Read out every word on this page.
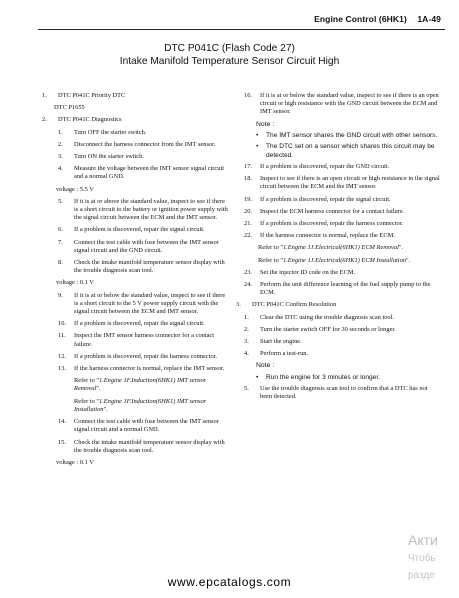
Engine Control (6HK1) 1A-49
DTC P041C (Flash Code 27)
Intake Manifold Temperature Sensor Circuit High
1.	DTC P041C Priority DTC
DTC P1655
2.	DTC P041C Diagnostics
1.	Turn OFF the starter switch.
2.	Disconnect the harness connector from the IMT sensor.
3.	Turn ON the starter switch.
4.	Measure the voltage between the IMT sensor signal circuit and a normal GND.
voltage : 5.5 V
5.	If it is at or above the standard value, inspect to see if there is a short circuit to the battery or ignition power supply with the signal circuit between the ECM and the IMT sensor.
6.	If a problem is discovered, repair the signal circuit.
7.	Connect the test cable with fuse between the IMT sensor signal circuit and the GND circuit.
8.	Check the intake manifold temperature sensor display with the trouble diagnosis scan tool.
voltage : 0.1 V
9.	If it is at or below the standard value, inspect to see if there is a short circuit to the 5 V power supply circuit with the signal circuit between the ECM and IMT sensor.
10.	If a problem is discovered, repair the signal circuit.
11.	Inspect the IMT sensor harness connector for a contact failure.
12.	If a problem is discovered, repair the harness connector.
13.	If the harness connector is normal, replace the IMT sensor.
Refer to "1.Engine 1F.Induction(6HK1) IMT sensor Removal".
Refer to "1.Engine 1F.Induction(6HK1) IMT sensor Installation".
14.	Connect the test cable with fuse between the IMT sensor signal circuit and a normal GND.
15.	Check the intake manifold temperature sensor display with the trouble diagnosis scan tool.
voltage : 0.1 V
16.	If it is at or below the standard value, inspect to see if there is an open circuit or high resistance with the GND circuit between the ECM and IMT sensor.
Note :
•	The IMT sensor shares the GND circuit with other sensors.
•	The DTC set on a sensor which shares this circuit may be detected.
17.	If a problem is discovered, repair the GND circuit.
18.	Inspect to see if there is an open circuit or high resistance in the signal circuit between the ECM and the IMT sensor.
19.	If a problem is discovered, repair the signal circuit.
20.	Inspect the ECM harness connector for a contact failure.
21.	If a problem is discovered, repair the harness connector.
22.	If the harness connector is normal, replace the ECM.
Refer to "1.Engine 1J.Electrical(6HK1) ECM Removal".
Refer to "1.Engine 1J.Electrical(6HK1) ECM Installation".
23.	Set the injector ID code on the ECM.
24.	Perform the unit difference learning of the fuel supply pump to the ECM.
3.	DTC P041C Confirm Resolution
1.	Clear the DTC using the trouble diagnosis scan tool.
2.	Turn the starter switch OFF for 30 seconds or longer.
3.	Start the engine.
4.	Perform a test-run.
Note :
•	Run the engine for 3 minutes or longer.
5.	Use the trouble diagnosis scan tool to confirm that a DTC has not been detected.
Акти
Чтобь
разде
www.epcatalogs.com
